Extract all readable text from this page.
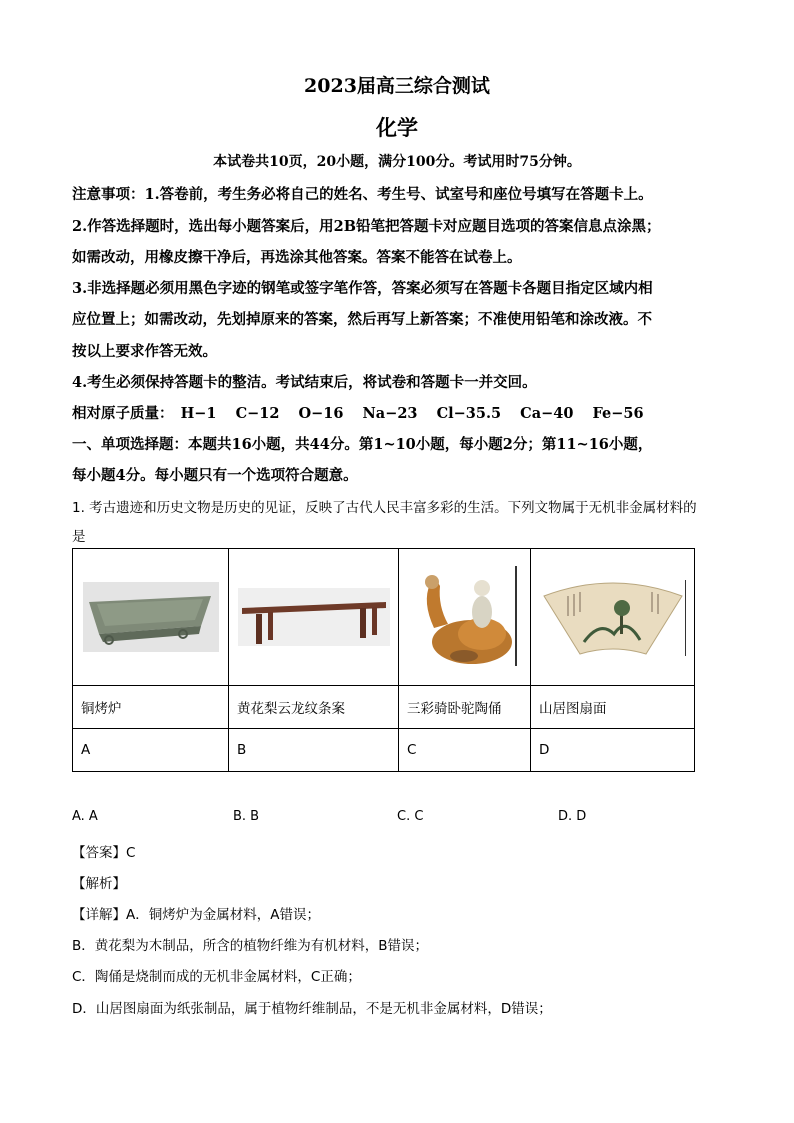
2023届高三综合测试
化学
本试卷共10页，20小题，满分100分。考试用时75分钟。
注意事项：1.答卷前，考生务必将自己的姓名、考生号、试室号和座位号填写在答题卡上。
2.作答选择题时，选出每小题答案后，用2B铅笔把答题卡对应题目选项的答案信息点涂黑；
如需改动，用橡皮擦干净后，再选涂其他答案。答案不能答在试卷上。
3.非选择题必须用黑色字迹的钢笔或签字笔作答，答案必须写在答题卡各题目指定区域内相
应位置上；如需改动，先划掉原来的答案，然后再写上新答案；不准使用铅笔和涂改液。不
按以上要求作答无效。
4.考生必须保持答题卡的整洁。考试结束后，将试卷和答题卡一并交回。
相对原子质量： H−1 C−12 O−16 Na−23 Cl−35.5 Ca−40 Fe−56
一、单项选择题：本题共16小题，共44分。第1~10小题，每小题2分；第11~16小题，
每小题4分。每小题只有一个选项符合题意。
1. 考古遗迹和历史文物是历史的见证，反映了古代人民丰富多彩的生活。下列文物属于无机非金属材料的
是

铜烤炉	黄花梨云龙纹条案	三彩骑卧驼陶俑	山居图扇面
A	B	C	D
A. A	B. B	C. C	D. D
【答案】C
【解析】
【详解】A．铜烤炉为金属材料，A错误；
B．黄花梨为木制品，所含的植物纤维为有机材料，B错误；
C．陶俑是烧制而成的无机非金属材料，C正确；
D．山居图扇面为纸张制品，属于植物纤维制品，不是无机非金属材料，D错误；
